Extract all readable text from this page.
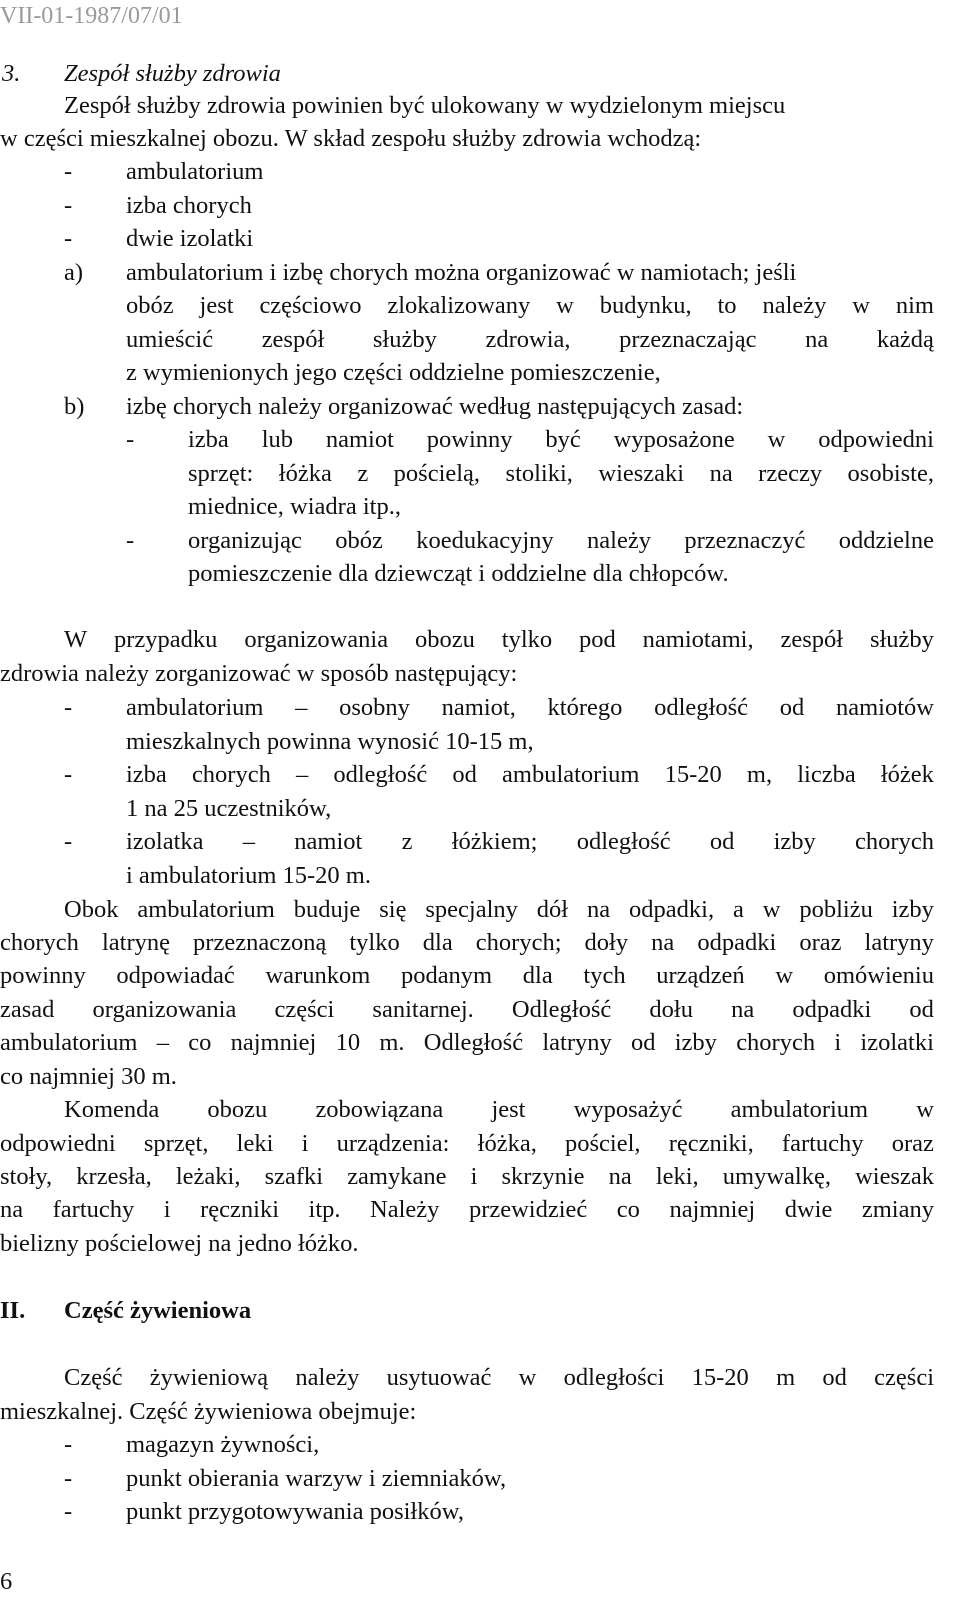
VII-01-1987/07/01
3. Zespół służby zdrowia
Zespół służby zdrowia powinien być ulokowany w wydzielonym miejscu
w części mieszkalnej obozu. W skład zespołu służby zdrowia wchodzą:
- ambulatorium
- izba chorych
- dwie izolatki
a) ambulatorium i izbę chorych można organizować w namiotach; jeśli
obóz jest częściowo zlokalizowany w budynku, to należy w nim
umieścić zespół służby zdrowia, przeznaczając na każdą
z wymienionych jego części oddzielne pomieszczenie,
b) izbę chorych należy organizować według następujących zasad:
- izba lub namiot powinny być wyposażone w odpowiedni
sprzęt: łóżka z pościelą, stoliki, wieszaki na rzeczy osobiste,
miednice, wiadra itp.,
- organizując obóz koedukacyjny należy przeznaczyć oddzielne
pomieszczenie dla dziewcząt i oddzielne dla chłopców.
W przypadku organizowania obozu tylko pod namiotami, zespół służby
zdrowia należy zorganizować w sposób następujący:
- ambulatorium – osobny namiot, którego odległość od namiotów
mieszkalnych powinna wynosić 10-15 m,
- izba chorych – odległość od ambulatorium 15-20 m, liczba łóżek
1 na 25 uczestników,
- izolatka – namiot z łóżkiem; odległość od izby chorych
i ambulatorium 15-20 m.
Obok ambulatorium buduje się specjalny dół na odpadki, a w pobliżu izby
chorych latrynę przeznaczoną tylko dla chorych; doły na odpadki oraz latryny
powinny odpowiadać warunkom podanym dla tych urządzeń w omówieniu
zasad organizowania części sanitarnej. Odległość dołu na odpadki od
ambulatorium – co najmniej 10 m. Odległość latryny od izby chorych i izolatki
co najmniej 30 m.
Komenda obozu zobowiązana jest wyposażyć ambulatorium w
odpowiedni sprzęt, leki i urządzenia: łóżka, pościel, ręczniki, fartuchy oraz
stoły, krzesła, leżaki, szafki zamykane i skrzynie na leki, umywalkę, wieszak
na fartuchy i ręczniki itp. Należy przewidzieć co najmniej dwie zmiany
bielizny pościelowej na jedno łóżko.
II. Część żywieniowa
Część żywieniową należy usytuować w odległości 15-20 m od części
mieszkalnej. Część żywieniowa obejmuje:
- magazyn żywności,
- punkt obierania warzyw i ziemniaków,
- punkt przygotowywania posiłków,
6
